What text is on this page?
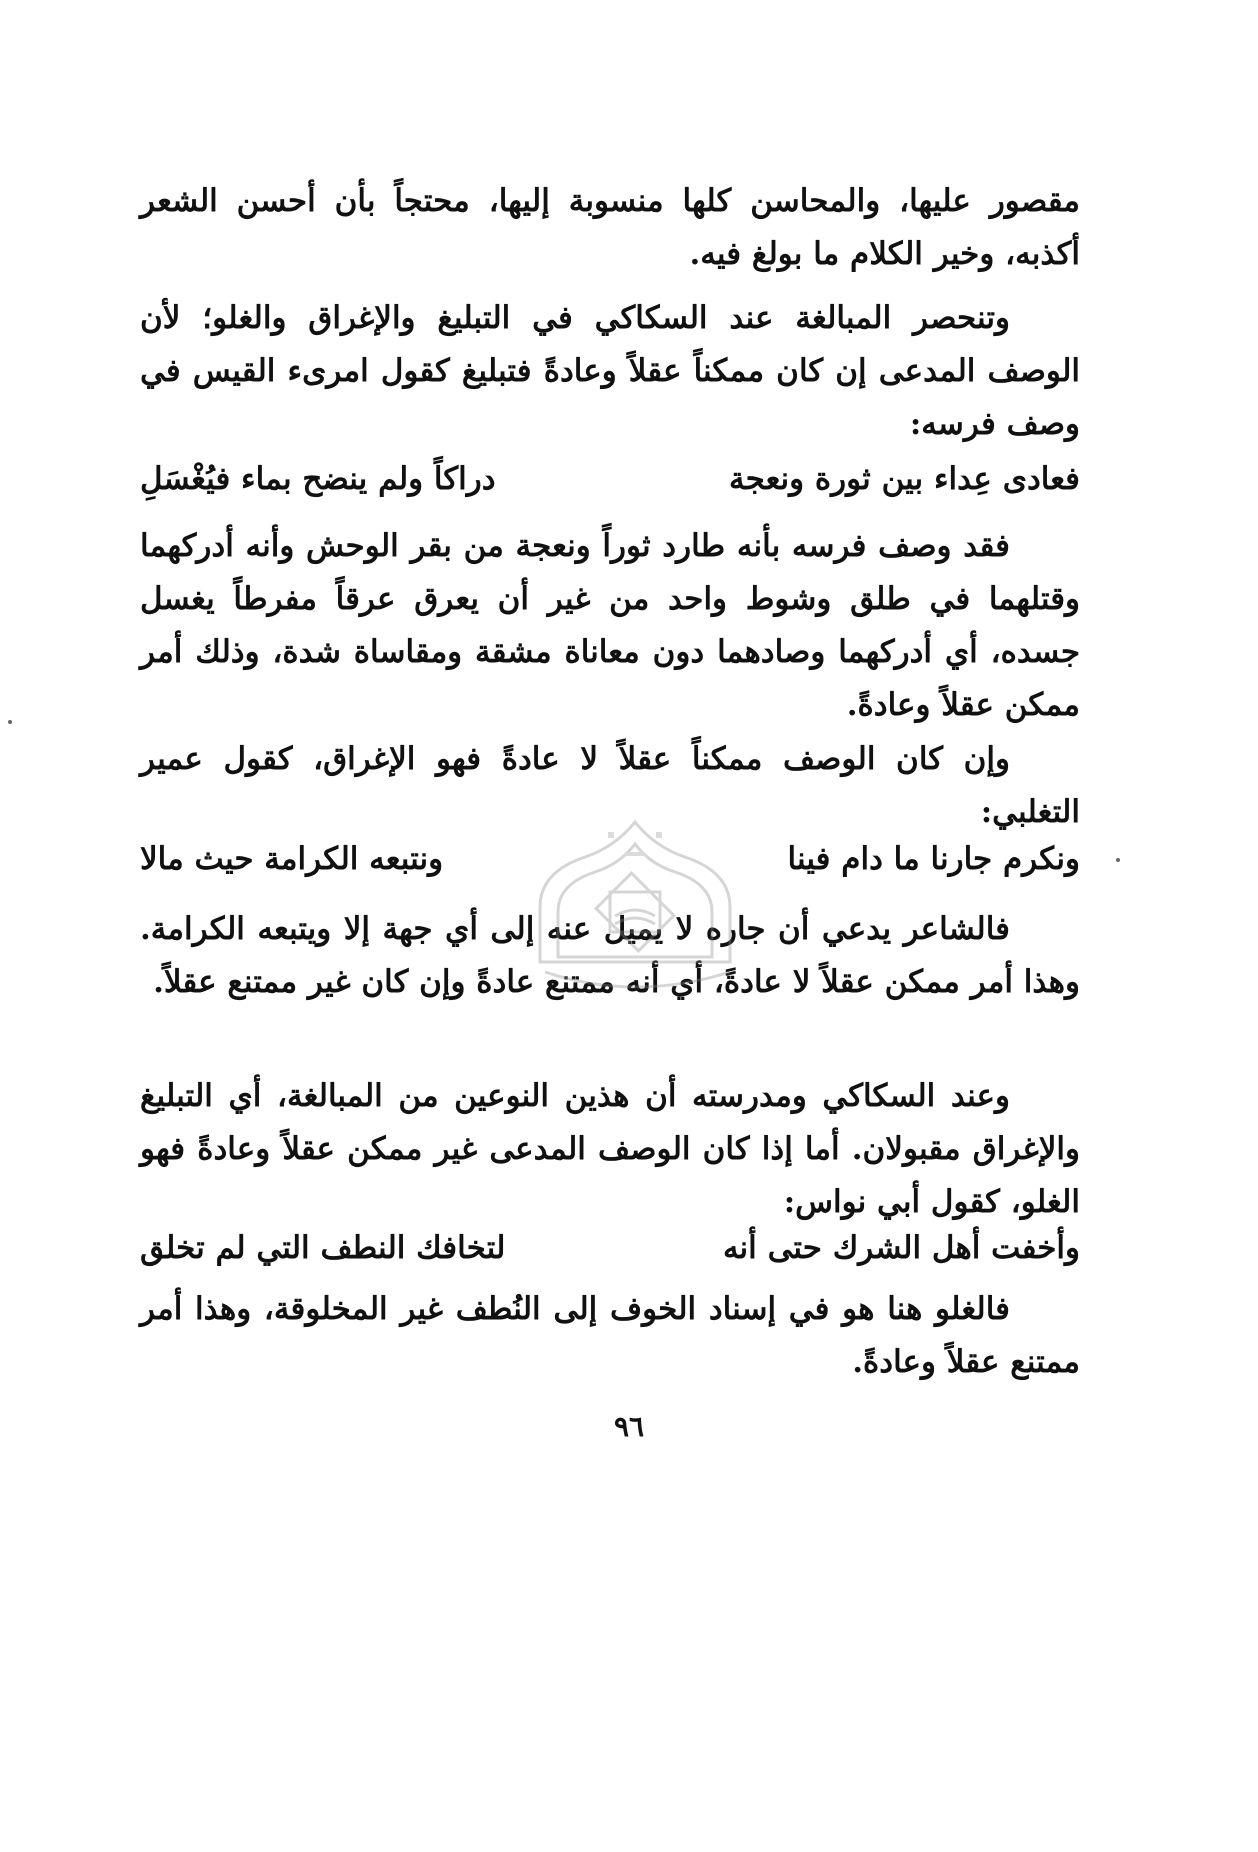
مقصور عليها، والمحاسن كلها منسوبة إليها، محتجاً بأن أحسن الشعر أكذبه، وخير الكلام ما بولغ فيه.
وتنحصر المبالغة عند السكاكي في التبليغ والإغراق والغلو؛ لأن الوصف المدعى إن كان ممكناً عقلاً وعادةً فتبليغ كقول امرىء القيس في وصف فرسه:
فعادى عِداء بين ثورة ونعجة
دراكاً ولم ينضح بماء فيُغْسَلِ
فقد وصف فرسه بأنه طارد ثوراً ونعجة من بقر الوحش وأنه أدركهما وقتلهما في طلق وشوط واحد من غير أن يعرق عرقاً مفرطاً يغسل جسده، أي أدركهما وصادهما دون معاناة مشقة ومقاساة شدة، وذلك أمر ممكن عقلاً وعادةً.
وإن كان الوصف ممكناً عقلاً لا عادةً فهو الإغراق، كقول عمير التغلبي:
ونكرم جارنا ما دام فينا
ونتبعه الكرامة حيث مالا
فالشاعر يدعي أن جاره لا يميل عنه إلى أي جهة إلا ويتبعه الكرامة. وهذا أمر ممكن عقلاً لا عادةً، أي أنه ممتنع عادةً وإن كان غير ممتنع عقلاً.
وعند السكاكي ومدرسته أن هذين النوعين من المبالغة، أي التبليغ والإغراق مقبولان. أما إذا كان الوصف المدعى غير ممكن عقلاً وعادةً فهو الغلو، كقول أبي نواس:
وأخفت أهل الشرك حتى أنه
لتخافك النطف التي لم تخلق
فالغلو هنا هو في إسناد الخوف إلى النُطف غير المخلوقة، وهذا أمر ممتنع عقلاً وعادةً.
٩٦
